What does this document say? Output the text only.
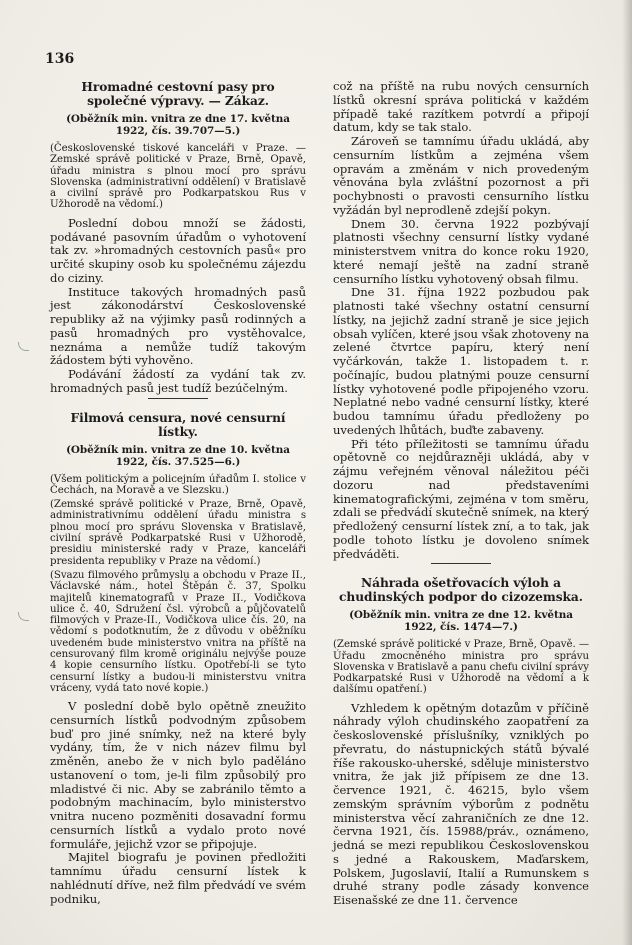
136
Hromadné cestovní pasy pro společné výpravy. — Zákaz.
(Oběžník min. vnitra ze dne 17. května 1922, čís. 39.707—5.)

(Československé tiskové kanceláři v Praze. — Zemské správě politické v Praze, Brně, Opavě, úřadu ministra s plnou mocí pro správu Slovenska (administrativní oddělení) v Bratislavě a civilní správě pro Podkarpatskou Rus v Užhorodě na vědomí.)

Poslední dobou množí se žádosti, podávané pasovním úřadům o vyhotovení tak zv. »hromadných cestovních pasů« pro určité skupiny osob ku společnému zájezdu do ciziny.

Instituce takových hromadných pasů jest zákonodárství Československé republiky až na výjimky pasů rodinných a pasů hromadných pro vystěhovalce, neznáma a nemůže tudíž takovým žádostem býti vyhověno.

Podávání žádostí za vydání tak zv. hromadných pasů jest tudíž bezúčelným.

Filmová censura, nové censurní lístky.
(Oběžník min. vnitra ze dne 10. května 1922, čís. 37.525—6.)

(Všem politickým a policejním úřadům I. stolice v Čechách, na Moravě a ve Slezsku.)

(Zemské správě politické v Praze, Brně, Opavě, administrativnímu oddělení úřadu ministra s plnou mocí pro správu Slovenska v Bratislavě, civilní správě Podkarpatské Rusi v Užhorodě, presidiu ministerské rady v Praze, kanceláři presidenta republiky v Praze na vědomí.)

(Svazu filmového průmyslu a obchodu v Praze II., Václavské nám., hotel Štěpán č. 37, Spolku majitelů kinematografů v Praze II., Vodičkova ulice č. 40, Sdružení čsl. výrobců a půjčovatelů filmových v Praze-II., Vodičkova ulice čís. 20, na vědomí s podotknutím, že z důvodu v oběžníku uvedeném bude ministerstvo vnitra na příště na censurovaný film kromě originálu nejvýše pouze 4 kopie censurního lístku. Opotřebí-li se tyto censurní lístky a budou-li ministerstvu vnitra vráceny, vydá tato nové kopie.)

V poslední době bylo opětně zneužito censurních lístků podvodným způsobem buď pro jiné snímky, než na které byly vydány, tím, že v nich název filmu byl změněn, anebo že v nich bylo paděláno ustanovení o tom, je-li film způsobilý pro mladistvé či nic. Aby se zabránilo těmto a podobným machinacím, bylo ministerstvo vnitra nuceno pozměniti dosavadní formu censurních lístků a vydalo proto nové formuláře, jejichž vzor se připojuje.

Majitel biografu je povinen předložiti tamnímu úřadu censurní lístek k nahlédnutí dříve, než film předvádí ve svém podniku,

což na příště na rubu nových censurních lístků okresní správa politická v každém případě také razítkem potvrdí a připojí datum, kdy se tak stalo.

Zároveň se tamnímu úřadu ukládá, aby censurním lístkům a zejména všem opravám a změnám v nich provedeným věnována byla zvláštní pozornost a při pochybnosti o pravosti censurního lístku vyžádán byl neprodleně zdejší pokyn.

Dnem 30. června 1922 pozbývají platnosti všechny censurní lístky vydané ministerstvem vnitra do konce roku 1920, které nemají ještě na zadní straně censurního lístku vyhotovený obsah filmu.

Dne 31. října 1922 pozbudou pak platnosti také všechny ostatní censurní lístky, na jejichž zadní straně je sice jejich obsah vylíčen, které jsou však zhotoveny na zelené čtvrtce papíru, který není vyčárkován, takže 1. listopadem t. r. počínajíc, budou platnými pouze censurní lístky vyhotovené podle připojeného vzoru. Neplatné nebo vadné censurní lístky, které budou tamnímu úřadu předloženy po uvedených lhůtách, buďte zabaveny.

Při této příležitosti se tamnímu úřadu opětovně co nejdůrazněji ukládá, aby v zájmu veřejném věnoval náležitou péči dozoru nad představeními kinematografickými, zejména v tom směru, zdali se předvádí skutečně snímek, na který předložený censurní lístek zní, a to tak, jak podle tohoto lístku je dovoleno snímek předváděti.

Náhrada ošetřovacích výloh a chudinských podpor do cizozemska.
(Oběžník min. vnitra ze dne 12. května 1922, čís. 1474—7.)

(Zemské správě politické v Praze, Brně, Opavě. — Úřadu zmocněného ministra pro správu Slovenska v Bratislavě a panu chefu civilní správy Podkarpatské Rusi v Užhorodě na vědomí a k dalšímu opatření.)

Vzhledem k opětným dotazům v příčině náhrady výloh chudinského zaopatření za československé příslušníky, vzniklých po převratu, do nástupnických států bývalé říše rakousko-uherské, sděluje ministerstvo vnitra, že jak již přípisem ze dne 13. července 1921, č. 46215, bylo všem zemským správním výborům z podnětu ministerstva věcí zahraničních ze dne 12. června 1921, čís. 15988/práv., oznámeno, jedná se mezi republikou Československou s jedné a Rakouskem, Maďarskem, Polskem, Jugoslavií, Italií a Rumunskem s druhé strany podle zásady konvence Eisenašské ze dne 11. července
